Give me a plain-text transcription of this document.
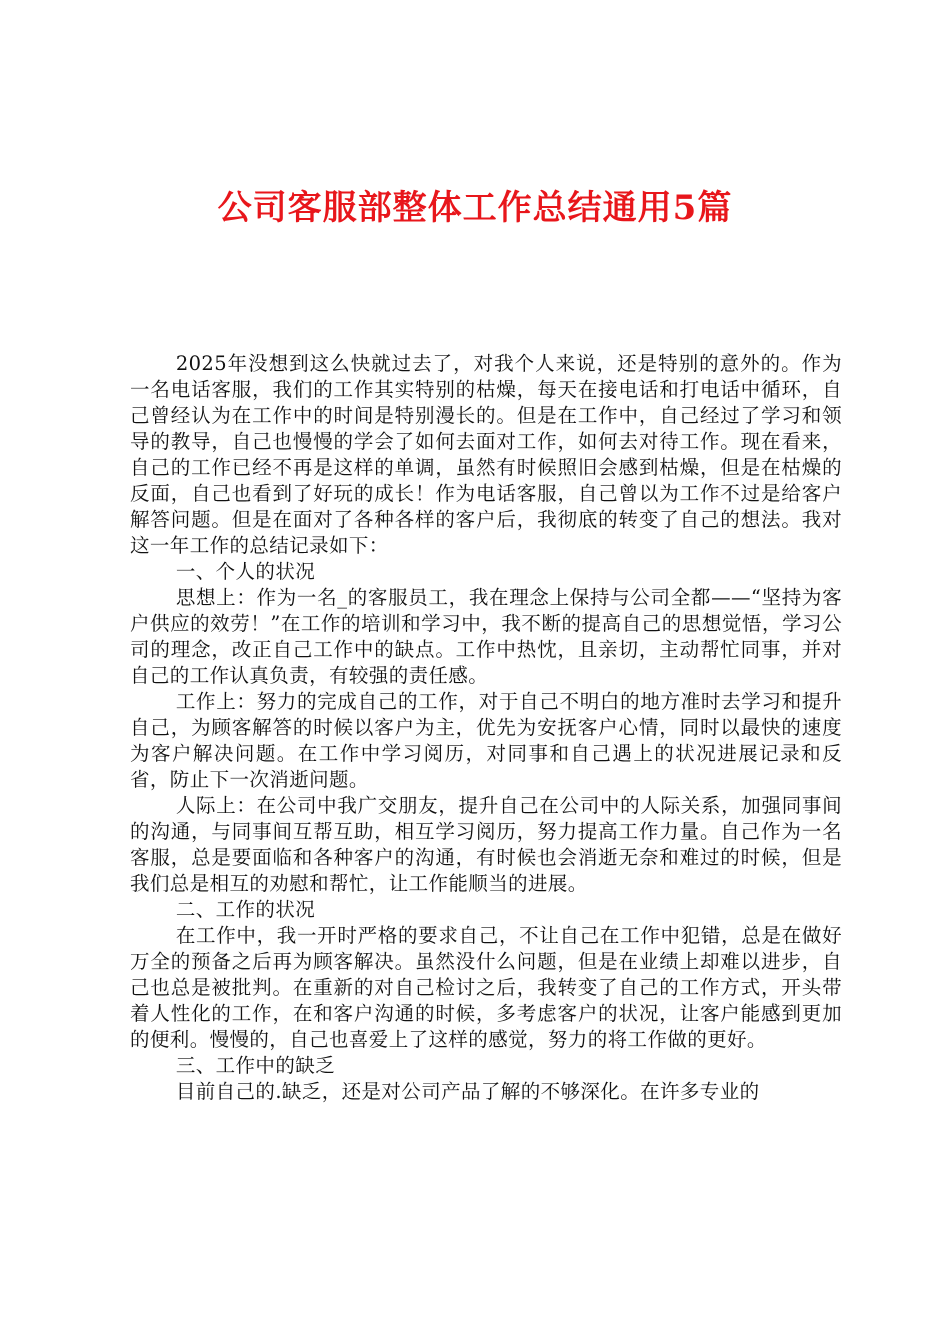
公司客服部整体工作总结通用5篇

2025年没想到这么快就过去了，对我个人来说，还是特别的意外的。作为一名电话客服，我们的工作其实特别的枯燥，每天在接电话和打电话中循环，自己曾经认为在工作中的时间是特别漫长的。但是在工作中，自己经过了学习和领导的教导，自己也慢慢的学会了如何去面对工作，如何去对待工作。现在看来，自己的工作已经不再是这样的单调，虽然有时候照旧会感到枯燥，但是在枯燥的反面，自己也看到了好玩的成长！作为电话客服，自己曾以为工作不过是给客户解答问题。但是在面对了各种各样的客户后，我彻底的转变了自己的想法。我对这一年工作的总结记录如下：

一、个人的状况

思想上：作为一名_的客服员工，我在理念上保持与公司全都——“坚持为客户供应的效劳！”在工作的培训和学习中，我不断的提高自己的思想觉悟，学习公司的理念，改正自己工作中的缺点。工作中热忱，且亲切，主动帮忙同事，并对自己的工作认真负责，有较强的责任感。

工作上：努力的完成自己的工作，对于自己不明白的地方准时去学习和提升自己，为顾客解答的时候以客户为主，优先为安抚客户心情，同时以最快的速度为客户解决问题。在工作中学习阅历，对同事和自己遇上的状况进展记录和反省，防止下一次消逝问题。

人际上：在公司中我广交朋友，提升自己在公司中的人际关系，加强同事间的沟通，与同事间互帮互助，相互学习阅历，努力提高工作力量。自己作为一名客服，总是要面临和各种客户的沟通，有时候也会消逝无奈和难过的时候，但是我们总是相互的劝慰和帮忙，让工作能顺当的进展。

二、工作的状况

在工作中，我一开时严格的要求自己，不让自己在工作中犯错，总是在做好万全的预备之后再为顾客解决。虽然没什么问题，但是在业绩上却难以进步，自己也总是被批判。在重新的对自己检讨之后，我转变了自己的工作方式，开头带着人性化的工作，在和客户沟通的时候，多考虑客户的状况，让客户能感到更加的便利。慢慢的，自己也喜爱上了这样的感觉，努力的将工作做的更好。

三、工作中的缺乏

目前自己的.缺乏，还是对公司产品了解的不够深化。在许多专业的
